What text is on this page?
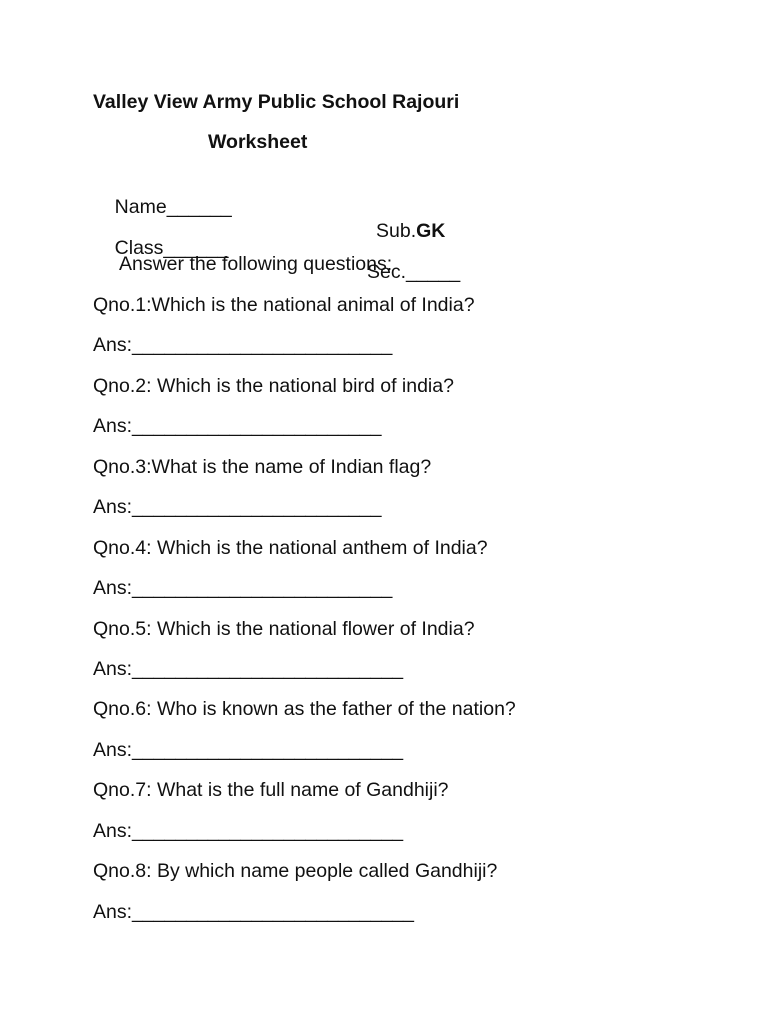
Valley View Army Public School Rajouri
Worksheet

Name______

Sub.GK

Class______

Sec._____

Answer the following questions:
Qno.1:Which is the national animal of India?
Ans:________________________
Qno.2: Which is the national bird of india?
Ans:_______________________
Qno.3:What is the name of Indian flag?
Ans:_______________________
Qno.4: Which is the national anthem of India?
Ans:________________________
Qno.5: Which is the national flower of India?
Ans:_________________________
Qno.6: Who is known as the father of the nation?
Ans:_________________________
Qno.7: What is the full name of Gandhiji?
Ans:_________________________
Qno.8: By which name people called Gandhiji?
Ans:__________________________
